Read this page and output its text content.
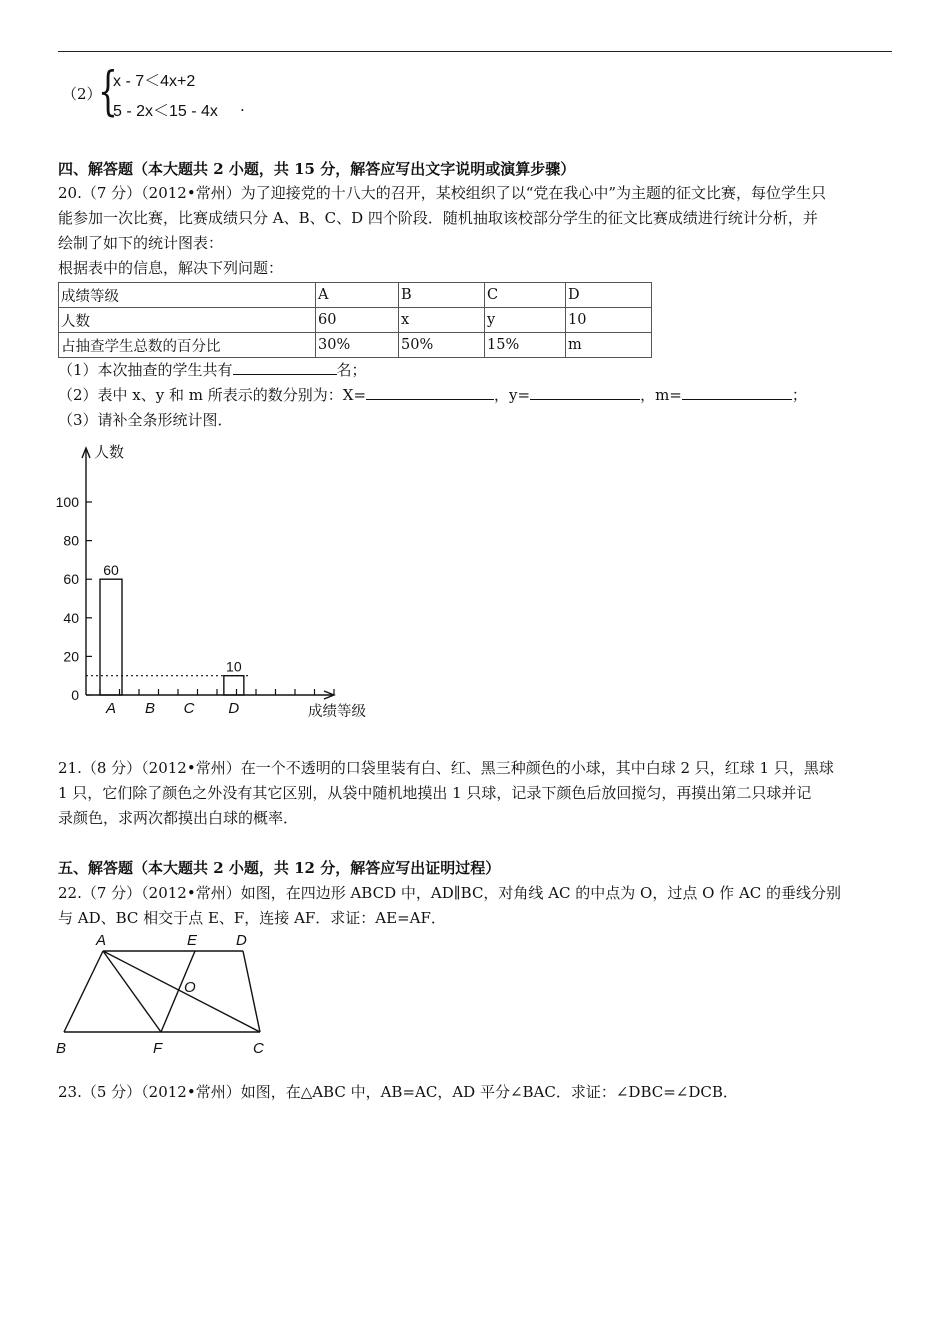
（2）
{
x - 7＜4x+2
5 - 2x＜15 - 4x .
四、解答题（本大题共 2 小题，共 15 分，解答应写出文字说明或演算步骤）
20.（7 分）（2012•常州）为了迎接党的十八大的召开，某校组织了以“党在我心中”为主题的征文比赛，每位学生只
能参加一次比赛，比赛成绩只分 A、B、C、D 四个阶段．随机抽取该校部分学生的征文比赛成绩进行统计分析，并
绘制了如下的统计图表：
根据表中的信息，解决下列问题：
成绩等级	A	B	C	D
人数	60	x	y	10
占抽查学生总数的百分比	30%	50%	15%	m
（1）本次抽查的学生共有	名；
（2）表中 x、y 和 m 所表示的数分别为：X=	，y=	，m=	；
（3）请补全条形统计图．
人数
成绩等级
0
20
40
60
80
100
60
A B C
10
D
21.（8 分）（2012•常州）在一个不透明的口袋里装有白、红、黑三种颜色的小球，其中白球 2 只，红球 1 只，黑球
1 只，它们除了颜色之外没有其它区别，从袋中随机地摸出 1 只球，记录下颜色后放回搅匀，再摸出第二只球并记
录颜色，求两次都摸出白球的概率．
五、解答题（本大题共 2 小题，共 12 分，解答应写出证明过程）
22.（7 分）（2012•常州）如图，在四边形 ABCD 中，AD∥BC，对角线 AC 的中点为 O，过点 O 作 AC 的垂线分别
与 AD、BC 相交于点 E、F，连接 AF．求证：AE=AF．
A	E	D
O
B	F	C
23.（5 分）（2012•常州）如图，在△ABC 中，AB=AC，AD 平分∠BAC．求证：∠DBC=∠DCB．
